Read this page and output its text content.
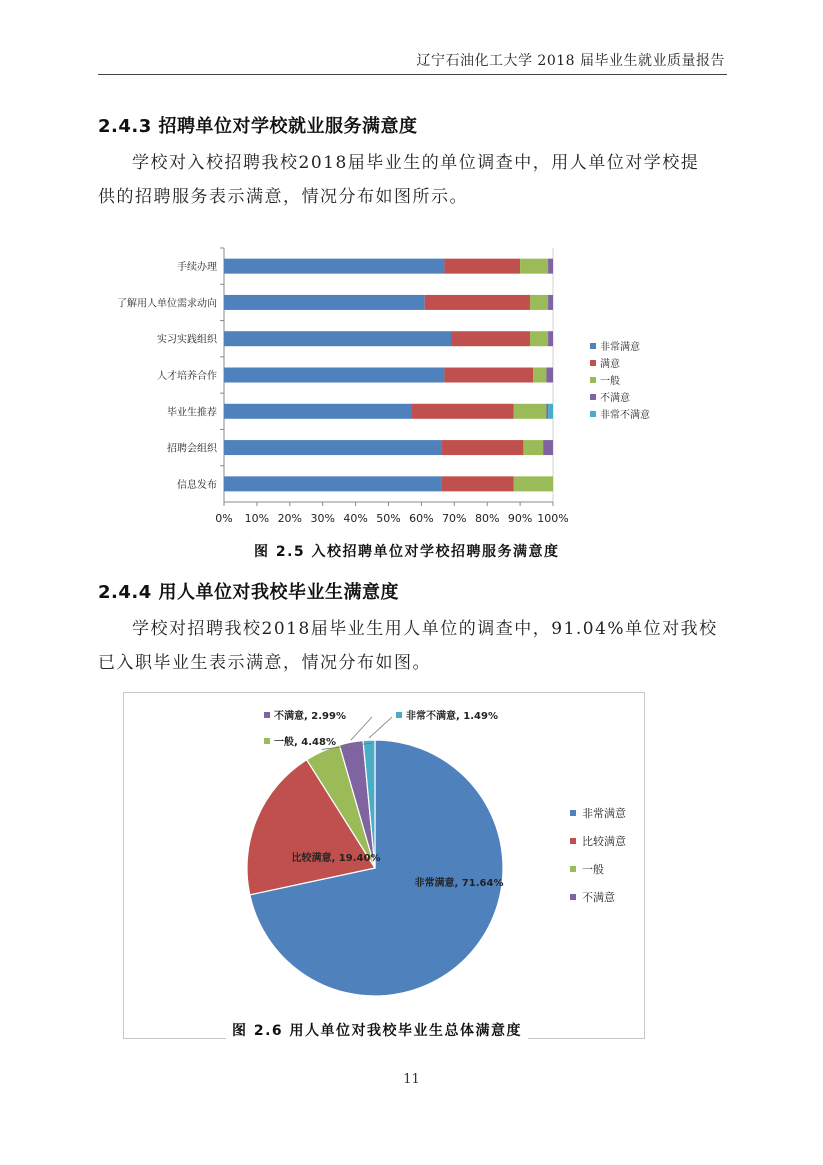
辽宁石油化工大学 2018 届毕业生就业质量报告
2.4.3 招聘单位对学校就业服务满意度
学校对入校招聘我校2018届毕业生的单位调查中，用人单位对学校提
供的招聘服务表示满意，情况分布如图所示。
手续办理
了解用人单位需求动向
实习实践组织
人才培养合作
毕业生推荐
招聘会组织
信息发布
0% 10% 20% 30% 40% 50% 60% 70% 80% 90% 100%
非常满意
满意
一般
不满意
非常不满意
图 2.5 入校招聘单位对学校招聘服务满意度
2.4.4 用人单位对我校毕业生满意度
学校对招聘我校2018届毕业生用人单位的调查中，91.04%单位对我校
已入职毕业生表示满意，情况分布如图。
非常满意, 71.64%
比较满意, 19.40%
一般, 4.48%
不满意, 2.99%	非常不满意, 1.49%
非常满意
比较满意
一般
不满意
图 2.6 用人单位对我校毕业生总体满意度
11
